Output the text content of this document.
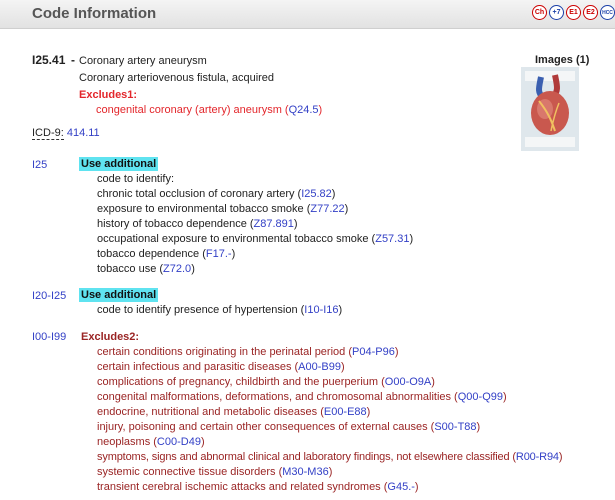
Code Information	Ch	+7	E1	E2	HCC
I25.41 - Coronary artery aneurysm
Coronary arteriovenous fistula, acquired
Excludes1:
congenital coronary (artery) aneurysm (Q24.5)
ICD-9: 414.11
Images (1)
I25	Use additional
code to identify:
chronic total occlusion of coronary artery (I25.82)
exposure to environmental tobacco smoke (Z77.22)
history of tobacco dependence (Z87.891)
occupational exposure to environmental tobacco smoke (Z57.31)
tobacco dependence (F17.-)
tobacco use (Z72.0)
I20-I25 Use additional
code to identify presence of hypertension (I10-I16)
I00-I99 Excludes2:
certain conditions originating in the perinatal period (P04-P96)
certain infectious and parasitic diseases (A00-B99)
complications of pregnancy, childbirth and the puerperium (O00-O9A)
congenital malformations, deformations, and chromosomal abnormalities (Q00-Q99)
endocrine, nutritional and metabolic diseases (E00-E88)
injury, poisoning and certain other consequences of external causes (S00-T88)
neoplasms (C00-D49)
symptoms, signs and abnormal clinical and laboratory findings, not elsewhere classified (R00-R94)
systemic connective tissue disorders (M30-M36)
transient cerebral ischemic attacks and related syndromes (G45.-)
